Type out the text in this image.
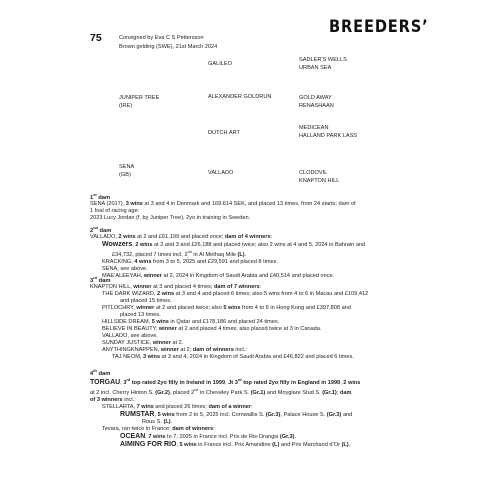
BREEDERS’
75	Consigned by Eva C S Pettersson
Brown gelding (SWE), 21st March 2024
JUNIPER TREE
(IRE)
GALILEO
ALEXANDER GOLDRUN
SADLER’S WELLS
URBAN SEA
GOLD AWAY
RENASHAAN
SENA
(GB)
DUTCH ART
VALLADO
MEDICEAN
HALLAND PARK LASS
CLODOVIL
KNAPTON HILL
1st dam
SENA (2017), 3 wins at 3 and 4 in Denmark and 169.614 SEK, and placed 13 times, from 24 starts; dam of
1 foal of racing age:
2023 Lucy Jordan (f. by Juniper Tree), 2yo in training in Sweden.
2nd dam
VALLADO, 2 wins at 2 and £61,199 and placed once; dam of 4 winners:
Wowzers, 2 wins at 2 and 3 and £26,188 and placed twice; also 2 wins at 4 and 5, 2024 in Bahrain and
£34,732, placed 7 times incl. 2nd in Al Methaq Mile (L).
KRACKING, 4 wins from 3 to 5, 2025 and £29,591 and placed 8 times.
SENA, see above.
MAE’ALEEYAH, winner at 2, 2024 in Kingdom of Saudi Arabia and £40,514 and placed once.
3rd dam
KNAPTON HILL, winner at 3 and placed 4 times; dam of 7 winners:
THE DARK WIZARD, 2 wins at 3 and 4 and placed 6 times; also 5 wins from 4 to 6 in Macau and £109,412
and placed 15 times.
PITLOCHRY, winner at 2 and placed twice; also 5 wins from 4 to 6 in Hong Kong and £397,808 and
placed 13 times.
HILLSIDE DREAM, 5 wins in Qatar and £178,186 and placed 24 times.
BELIEVE IN BEAUTY, winner at 2 and placed 4 times; also placed twice at 3 in Canada.
VALLADO, see above.
SUNDAY JUSTICE, winner at 2.
ANYTHINGKNAPPEN, winner at 2; dam of winners incl.:
TAJ NEOM, 3 wins at 3 and 4, 2024 in Kingdom of Saudi Arabia and £46,822 and placed 6 times.
4th dam
TORGAU, 3rd top rated 2yo filly in Ireland in 1999, Jt 3rd top rated 2yo filly in England in 1999, 2 wins
at 2 incl. Cherry Hinton S. (Gr.2), placed 2nd in Cheveley Park S. (Gr.1) and Moyglare Stud S. (Gr.1); dam
of 3 winners incl.:
STELLARTA, 7 wins and placed 26 times; dam of a winner:
RUMSTAR, 5 wins from 2 to 5, 2025 incl. Cornwallis S. (Gr.3), Palace House S. (Gr.3) and
Rous S. (L).
Tevara, ran twice in France; dam of winners:
OCEAN, 7 wins to 7, 2025 in France incl. Prix de Ris-Orangis (Gr.3).
AIMING FOR RIO, 5 wins in France incl. Prix Amandine (L) and Prix Marchand d’Or (L).
